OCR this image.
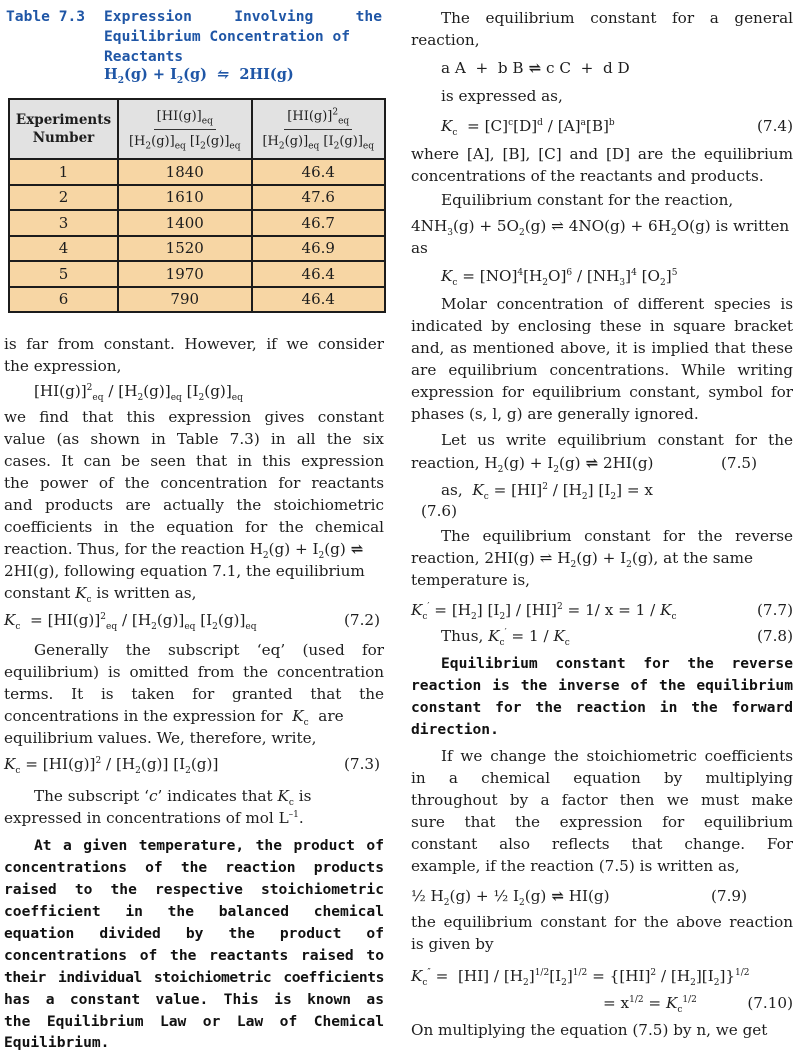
Table 7.3 Expression Involving the
Equilibrium Concentration of
Reactants
$H_2(g) + I_2(g)$  ⇋  2HI(g)
Experiments Number	$[HI(g)]_{eq}$
$[H_2(g)]_{eq}$ $[I_2(g)]_{eq}$	$[HI(g)]^2_{eq}$
$[H_2(g)]_{eq}$ $[I_2(g)]_{eq}$

1	1840	46.4
2	1610	47.6
3	1400	46.7
4	1520	46.9
5	1970	46.4
6	790	46.4
is far from constant. However, if we consider
the expression,
$[HI(g)]^2_{eq} / [H_2(g)]_{eq}$ $[I_2(g)]_{eq}$
we find that this expression gives constant
value (as shown in Table 7.3) in all the six
cases. It can be seen that in this expression
the power of the concentration for reactants
and products are actually the stoichiometric
coefficients in the equation for the chemical
reaction. Thus, for the reaction $H_2(g) + I_2(g)$ ⇌
2HI(g), following equation 7.1, the equilibrium
constant $K_c$ is written as,
$K_c = [HI(g)]^2_{eq} / [H_2(g)]_{eq}$ $[I_2(g)]_{eq}$	(7.2)
Generally the subscript ‘eq’ (used for
equilibrium) is omitted from the concentration
terms. It is taken for granted that the
concentrations in the expression for  $K_c$  are
equilibrium values. We, therefore, write,
$K_c = [HI(g)]^2 / [H_2(g)]$ $[I_2(g)]$	(7.3)
The subscript ‘c’ indicates that $K_c$ is
expressed in concentrations of mol $L^{-1}$.
At a given temperature, the product of
concentrations of the reaction products
raised to the respective stoichiometric
coefficient in the balanced chemical
equation divided by the product of
concentrations of the reactants raised to
their individual stoichiometric coefficients
has a constant value. This is known as
the Equilibrium Law or Law of Chemical
Equilibrium.
The equilibrium constant for a general
reaction,
a A  +  b B ⇌ c C  +  d D
is expressed as,
$K_c = [C]^c[D]^d / [A]^a[B]^b$	(7.4)
where [A], [B], [C] and [D] are the equilibrium
concentrations of the reactants and products.
Equilibrium constant for the reaction,
$4NH_3(g) + 5O_2(g)$ ⇌ $4NO(g) + 6H_2O(g)$ is written
as
$K_c = [NO]^4[H_2O]^6 / [NH_3]^4$ $[O_2]^5$
Molar concentration of different species is
indicated by enclosing these in square bracket
and, as mentioned above, it is implied that these
are equilibrium concentrations. While writing
expression for equilibrium constant, symbol for
phases (s, l, g) are generally ignored.
Let us write equilibrium constant for the
reaction, $H_2(g) + I_2(g)$ ⇌ 2HI(g)	(7.5)
as,  $K_c = [HI]^2 / [H_2] [I_2] = x$
(7.6)
The equilibrium constant for the reverse
reaction, 2HI(g) ⇌ $H_2(g) + I_2(g)$, at the same
temperature is,
$K_c' = [H_2]$ $[I_2] / [HI]^2 = 1/$ $x = 1 / K_c$	(7.7)
Thus, $K_c' = 1 / K_c$	(7.8)
Equilibrium constant for the reverse
reaction is the inverse of the equilibrium
constant for the reaction in the forward
direction.
If we change the stoichiometric coefficients
in a chemical equation by multiplying
throughout by a factor then we must make
sure that the expression for equilibrium
constant also reflects that change. For
example, if the reaction (7.5) is written as,
½ $H_2(g)$ + ½ $I_2(g)$ ⇌ HI(g)	(7.9)
the equilibrium constant for the above reaction
is given by
$K_c'' = [HI] / [H_2]^{1/2}[I_2]^{1/2} = \{[HI]^2 / [H_2][I_2]\}^{1/2}$
= $x^{1/2} = K_c^{1/2}$	(7.10)
On multiplying the equation (7.5) by n, we get
